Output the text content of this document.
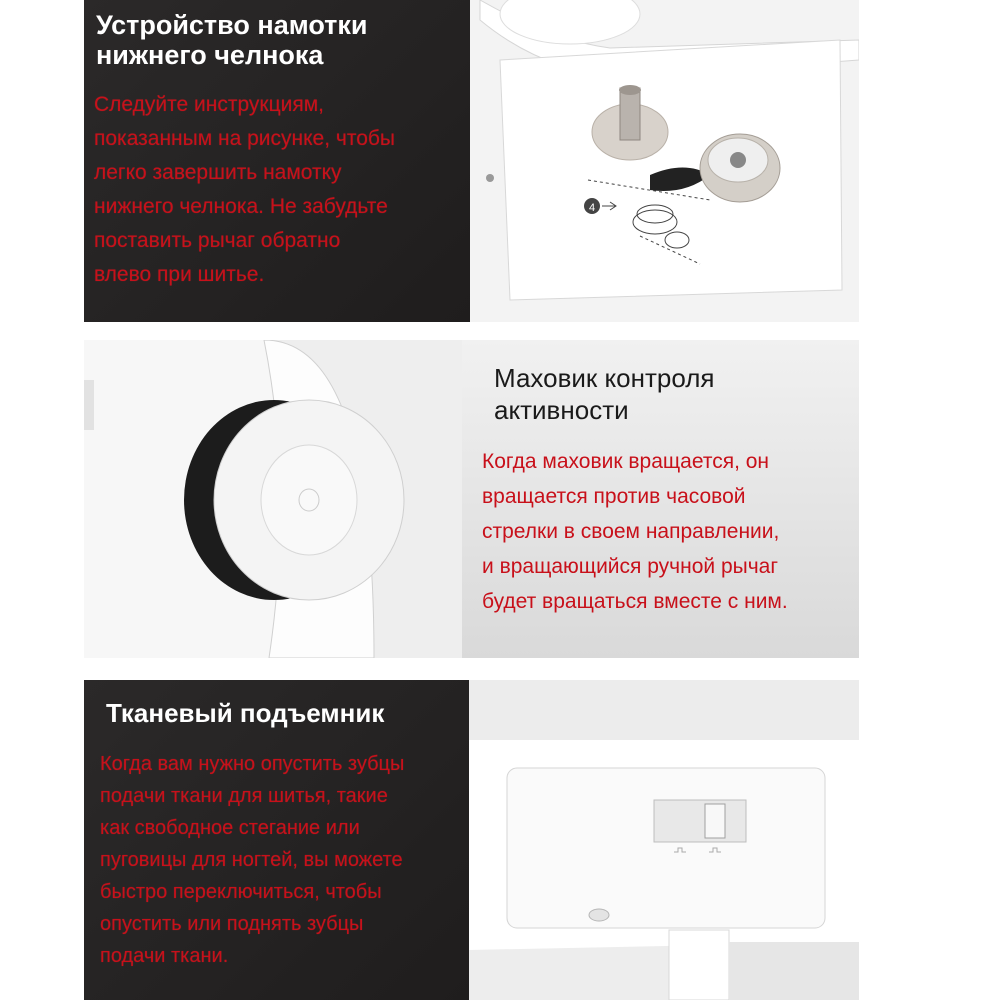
Устройство намотки
нижнего челнока
Следуйте инструкциям,
показанным на рисунке, чтобы
легко завершить намотку
нижнего челнока. Не забудьте
поставить рычаг обратно
влево при шитье.
4
Маховик контроля
активности
Когда маховик вращается, он
вращается против часовой
стрелки в своем направлении,
и вращающийся ручной рычаг
будет вращаться вместе с ним.
Тканевый подъемник
Когда вам нужно опустить зубцы
подачи ткани для шитья, такие
как свободное стегание или
пуговицы для ногтей, вы можете
быстро переключиться, чтобы
опустить или поднять зубцы
подачи ткани.
